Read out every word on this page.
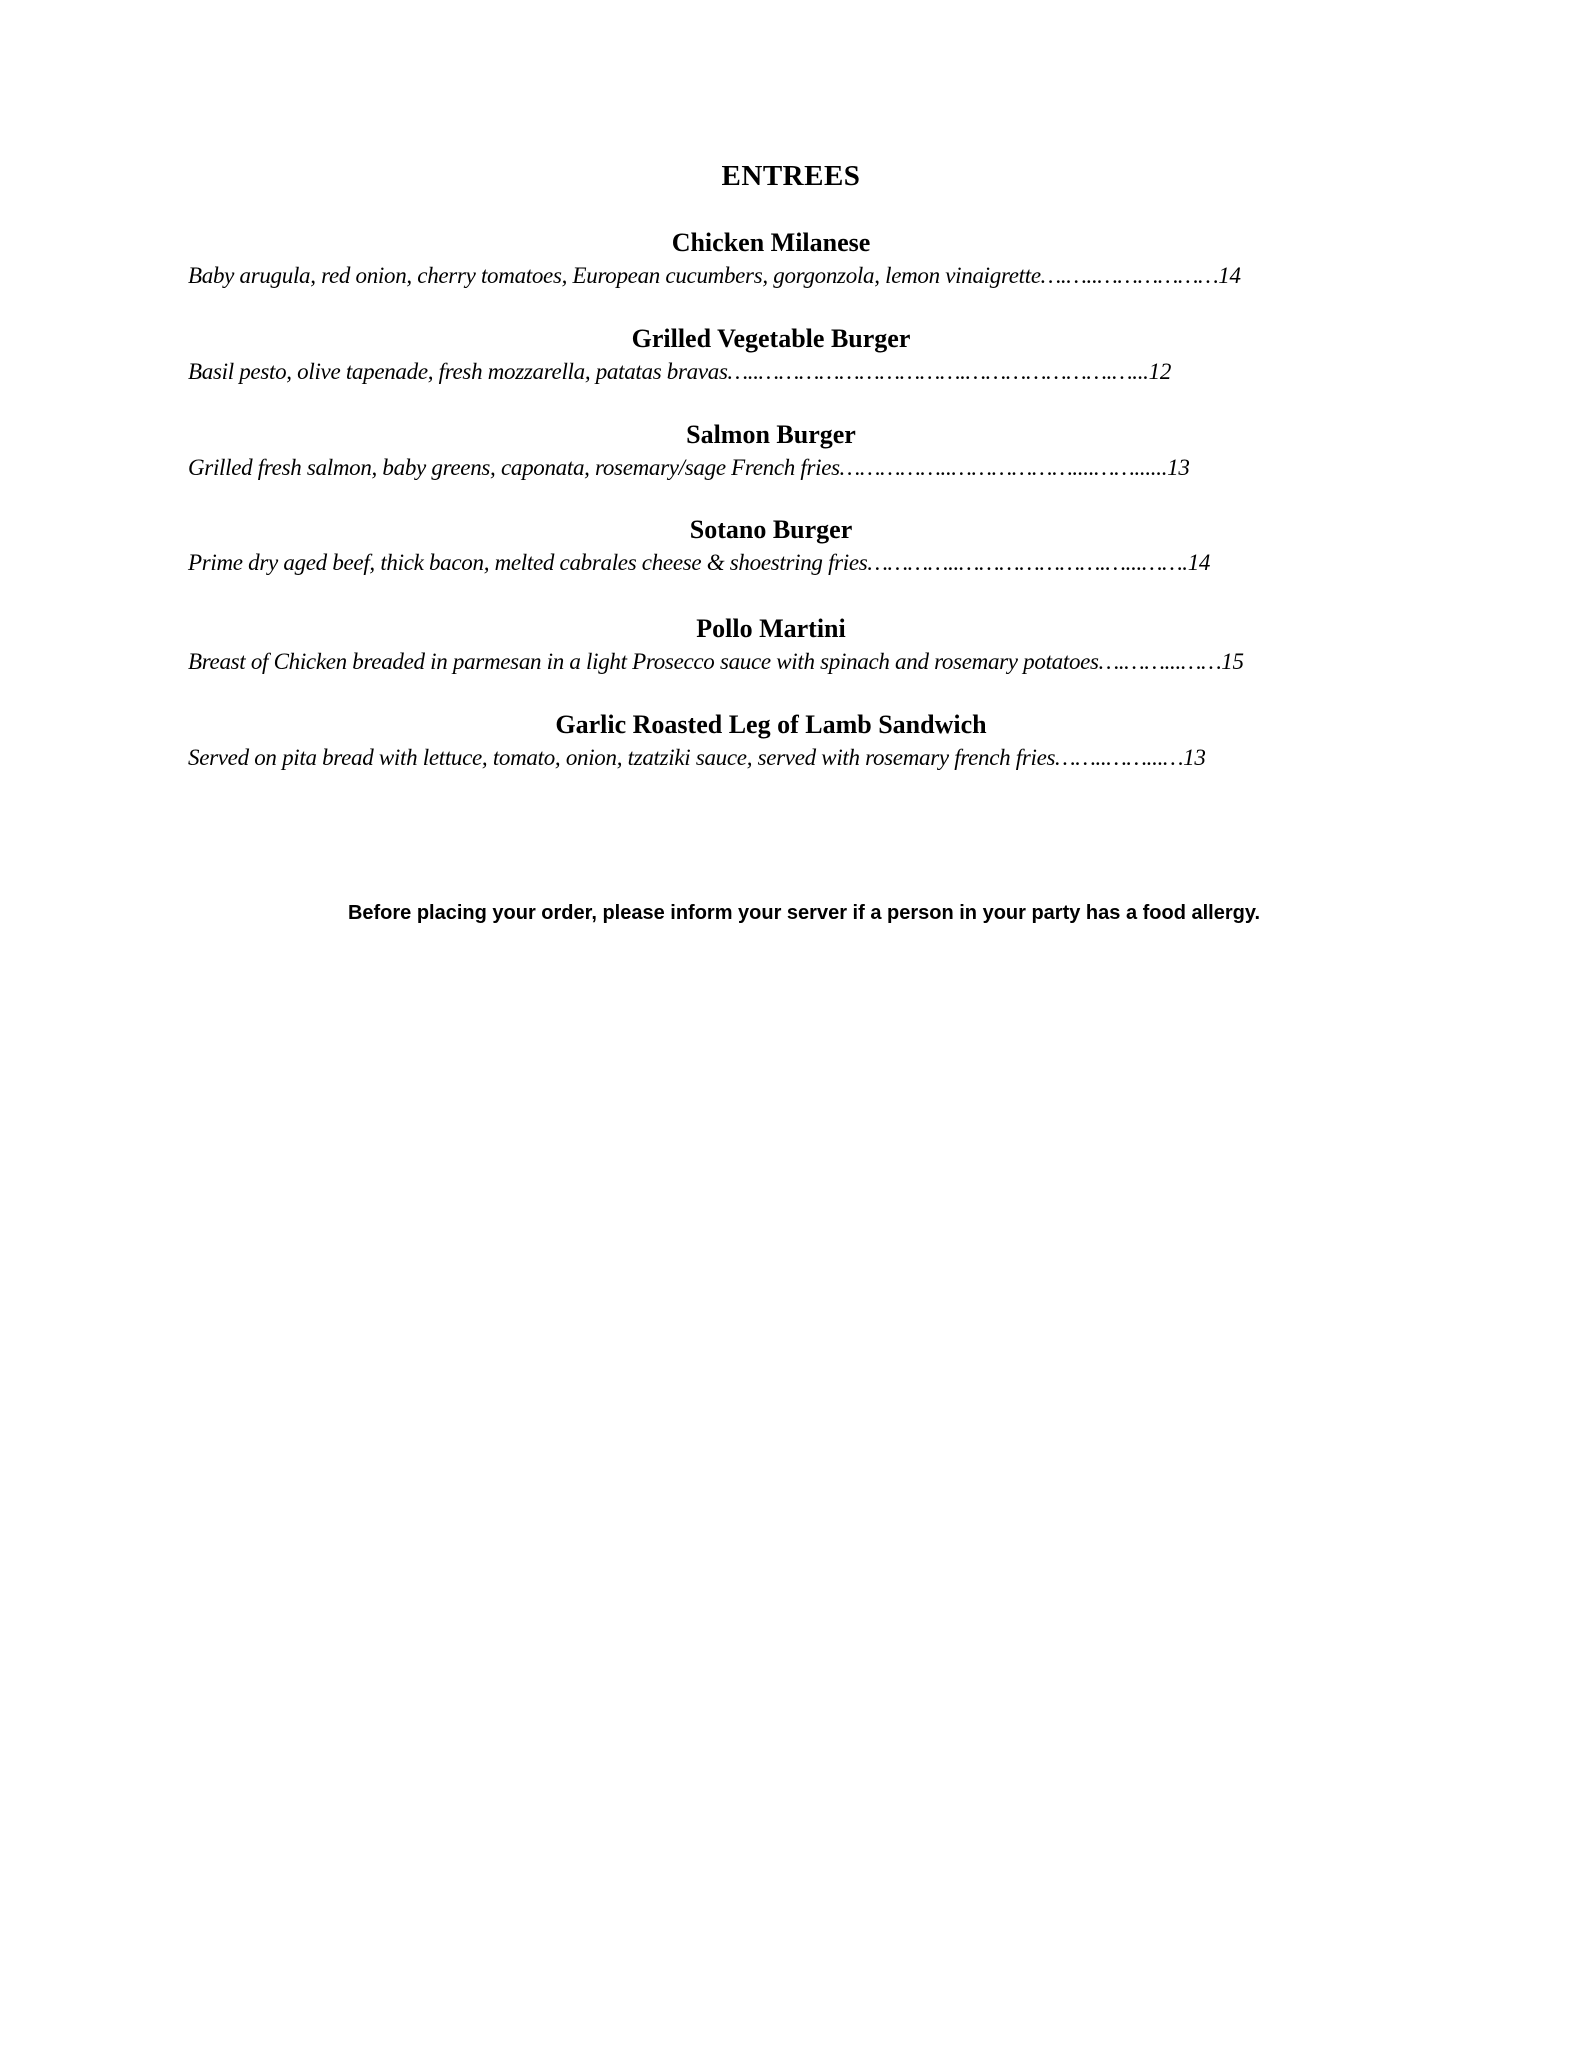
ENTREES
Chicken Milanese
Baby arugula, red onion, cherry tomatoes, European cucumbers, gorgonzola, lemon vinaigrette….…..………………14
Grilled Vegetable Burger
Basil pesto, olive tapenade, fresh mozzarella, patatas bravas…..………………………….………………….…...12
Salmon Burger
Grilled fresh salmon, baby greens, caponata, rosemary/sage French fries……………..………………....……......13
Sotano Burger
Prime dry aged beef, thick bacon, melted cabrales cheese & shoestring fries…………..………………….…...…….14
Pollo Martini
Breast of Chicken breaded in parmesan in a light Prosecco sauce with spinach and rosemary potatoes….……...……15
Garlic Roasted Leg of Lamb Sandwich
Served on pita bread with lettuce, tomato, onion, tzatziki sauce, served with rosemary french fries……..……...…13

Before placing your order, please inform your server if a person in your party has a food allergy.
